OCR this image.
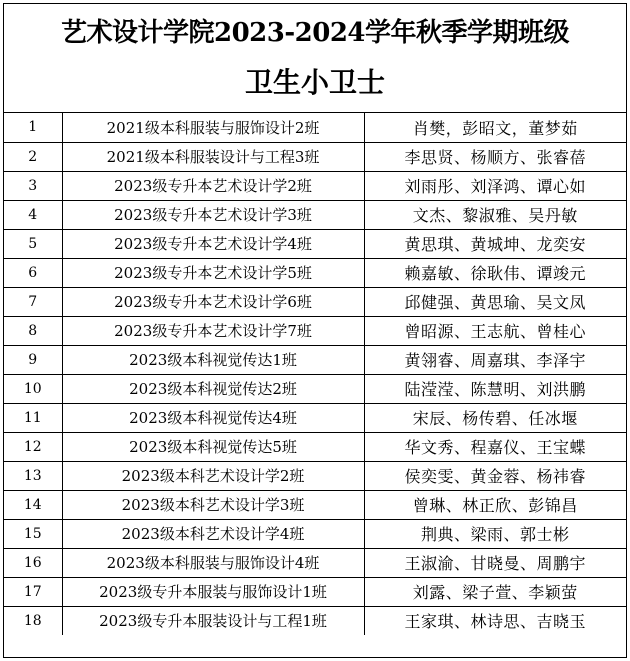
艺术设计学院2023-2024学年秋季学期班级
卫生小卫士
1	2021级本科服装与服饰设计2班	肖樊，彭昭文，董梦茹
2	2021级本科服装设计与工程3班	李思贤、杨顺方、张睿蓓
3	2023级专升本艺术设计学2班	刘雨彤、刘泽鸿、谭心如
4	2023级专升本艺术设计学3班	文杰、黎淑雅、吴丹敏
5	2023级专升本艺术设计学4班	黄思琪、黄城坤、龙奕安
6	2023级专升本艺术设计学5班	赖嘉敏、徐耿伟、谭竣元
7	2023级专升本艺术设计学6班	邱健强、黄思瑜、吴文凤
8	2023级专升本艺术设计学7班	曾昭源、王志航、曾桂心
9	2023级本科视觉传达1班	黄翎睿、周嘉琪、李泽宇
10	2023级本科视觉传达2班	陆滢滢、陈慧明、刘洪鹏
11	2023级本科视觉传达4班	宋辰、杨传碧、任冰堰
12	2023级本科视觉传达5班	华文秀、程嘉仪、王宝蝶
13	2023级本科艺术设计学2班	侯奕雯、黄金蓉、杨祎睿
14	2023级本科艺术设计学3班	曾琳、林正欣、彭锦昌
15	2023级本科艺术设计学4班	荆典、梁雨、郭士彬
16	2023级本科服装与服饰设计4班	王淑渝、甘晓曼、周鹏宇
17	2023级专升本服装与服饰设计1班	刘露、梁子萱、李颖萤
18	2023级专升本服装设计与工程1班	王家琪、林诗思、吉晓玉
